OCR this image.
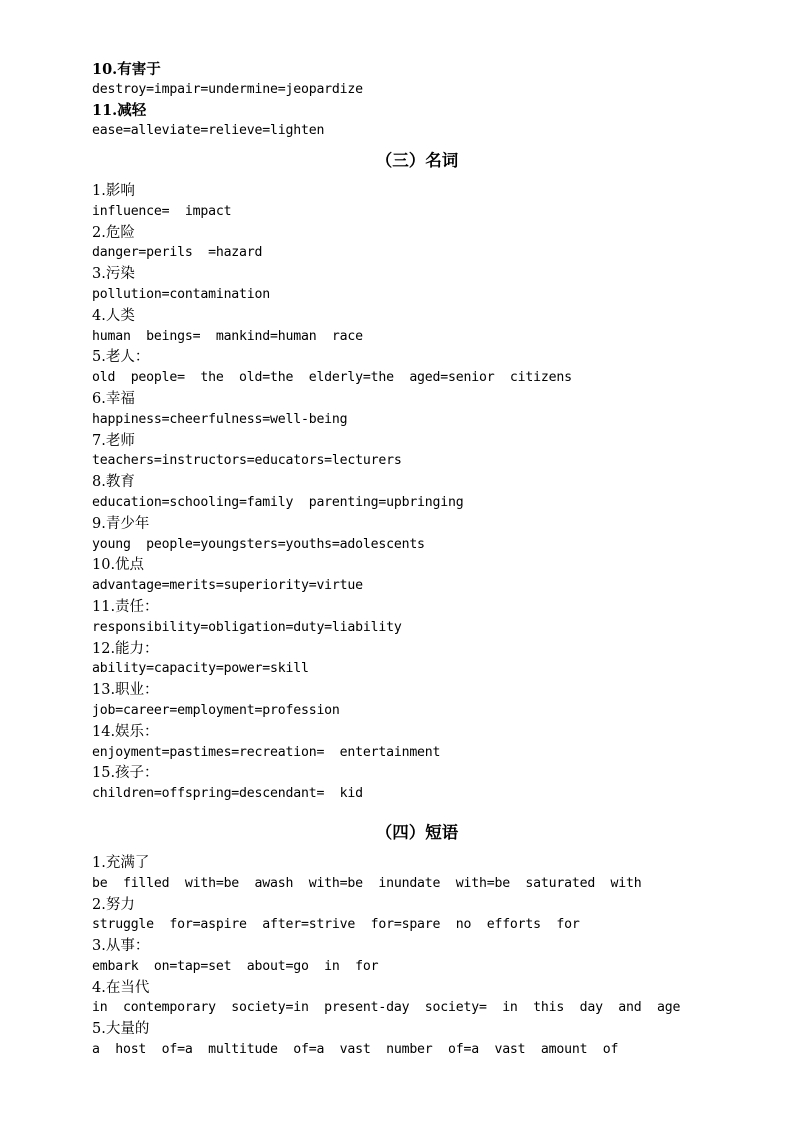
10.有害于
destroy=impair=undermine=jeopardize
11.减轻
ease=alleviate=relieve=lighten
（三）名词
1.影响
influence=  impact
2.危险
danger=perils  =hazard
3.污染
pollution=contamination
4.人类
human  beings=  mankind=human  race
5.老人：
old  people=  the  old=the  elderly=the  aged=senior  citizens
6.幸福
happiness=cheerfulness=well-being
7.老师
teachers=instructors=educators=lecturers
8.教育
education=schooling=family  parenting=upbringing
9.青少年
young  people=youngsters=youths=adolescents
10.优点
advantage=merits=superiority=virtue
11.责任：
responsibility=obligation=duty=liability
12.能力：
ability=capacity=power=skill
13.职业：
job=career=employment=profession
14.娱乐：
enjoyment=pastimes=recreation=  entertainment
15.孩子：
children=offspring=descendant=  kid
（四）短语
1.充满了
be  filled  with=be  awash  with=be  inundate  with=be  saturated  with
2.努力
struggle  for=aspire  after=strive  for=spare  no  efforts  for
3.从事：
embark  on=tap=set  about=go  in  for
4.在当代
in  contemporary  society=in  present-day  society=  in  this  day  and  age
5.大量的
a  host  of=a  multitude  of=a  vast  number  of=a  vast  amount  of
